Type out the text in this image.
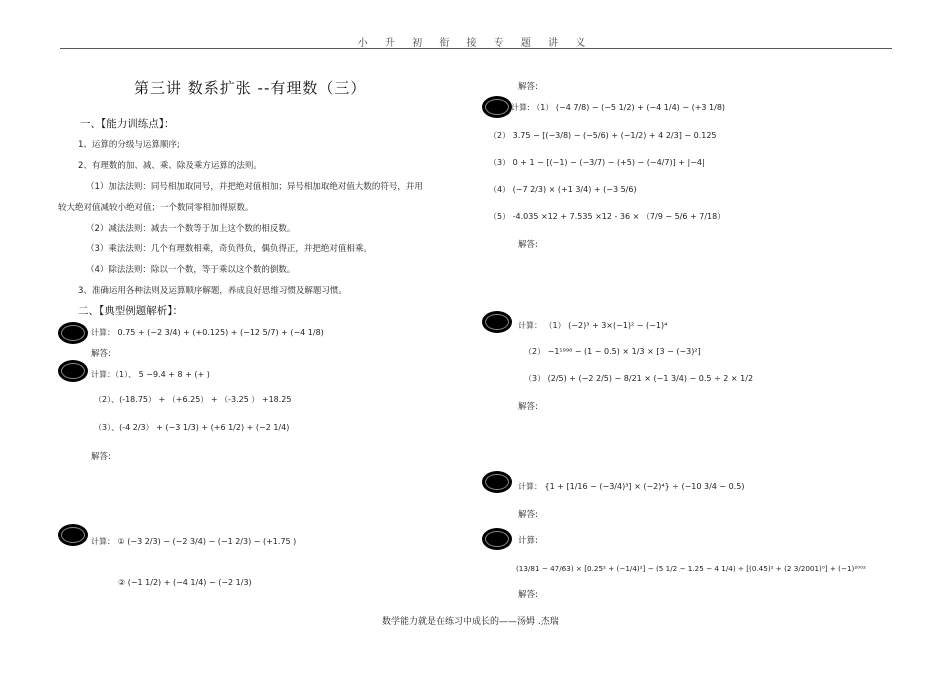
小 升 初 衔 接 专 题 讲 义
第三讲 数系扩张 --有理数（三）
一、【能力训练点】：
1、运算的分级与运算顺序;
2、有理数的加、减、乘、除及乘方运算的法则。
（1）加法法则：同号相加取同号，并把绝对值相加；异号相加取绝对值大数的符号，并用
较大绝对值减较小绝对值；一个数同零相加得原数。
（2）减法法则：减去一个数等于加上这个数的相反数。
（3）乘法法则：几个有理数相乘，奇负得负，偶负得正，并把绝对值相乘。
（4）除法法则：除以一个数，等于乘以这个数的倒数。
3、准确运用各种法则及运算顺序解题，养成良好思维习惯及解题习惯。
二、【典型例题解析】：
计算： 0.75 + (−2 3/4) + (+0.125) + (−12 5/7) + (−4 1/8)
解答:
计算：（1）、 5 −9.4 + 8 + (+ )
（2）、(-18.75） + （+6.25） + （-3.25 ） +18.25
（3）、(-4 2/3） + (−3 1/3) + (+6 1/2) + (−2 1/4)
解答:
计算： ① (−3 2/3) − (−2 3/4) − (−1 2/3) − (+1.75 )
② (−1 1/2) + (−4 1/4) − (−2 1/3)
解答:
计算: （1） (−4 7/8) − (−5 1/2) + (−4 1/4) − (+3 1/8)
（2） 3.75 − [(−3/8) − (−5/6) + (−1/2) + 4 2/3] − 0.125
（3） 0 + 1 − [(−1) − (−3/7) − (+5) − (−4/7)] + |−4|
（4） (−7 2/3) × (+1 3/4) + (−3 5/6)
（5） -4.035 ×12 + 7.535 ×12 - 36 × （7/9 − 5/6 + 7/18）
解答:
计算： （1） (−2)³ + 3×(−1)² − (−1)⁴
（2） −1¹⁹⁹⁸ − (1 − 0.5) × 1/3 × [3 − (−3)²]
（3） (2/5) + (−2 2/5) − 8/21 × (−1 3/4) − 0.5 ÷ 2 × 1/2
解答:
计算： {1 + [1/16 − (−3/4)³] × (−2)⁴} ÷ (−10 3/4 − 0.5)
解答:
计算:
(13/81 − 47/63) × [0.25² + (−1/4)²] − (5 1/2 − 1.25 − 4 1/4) ÷ [(0.45)² + (2 3/2001)⁰] + (−1)²⁰⁰²
解答:
数学能力就是在练习中成长的——汤姆 .杰瑞
